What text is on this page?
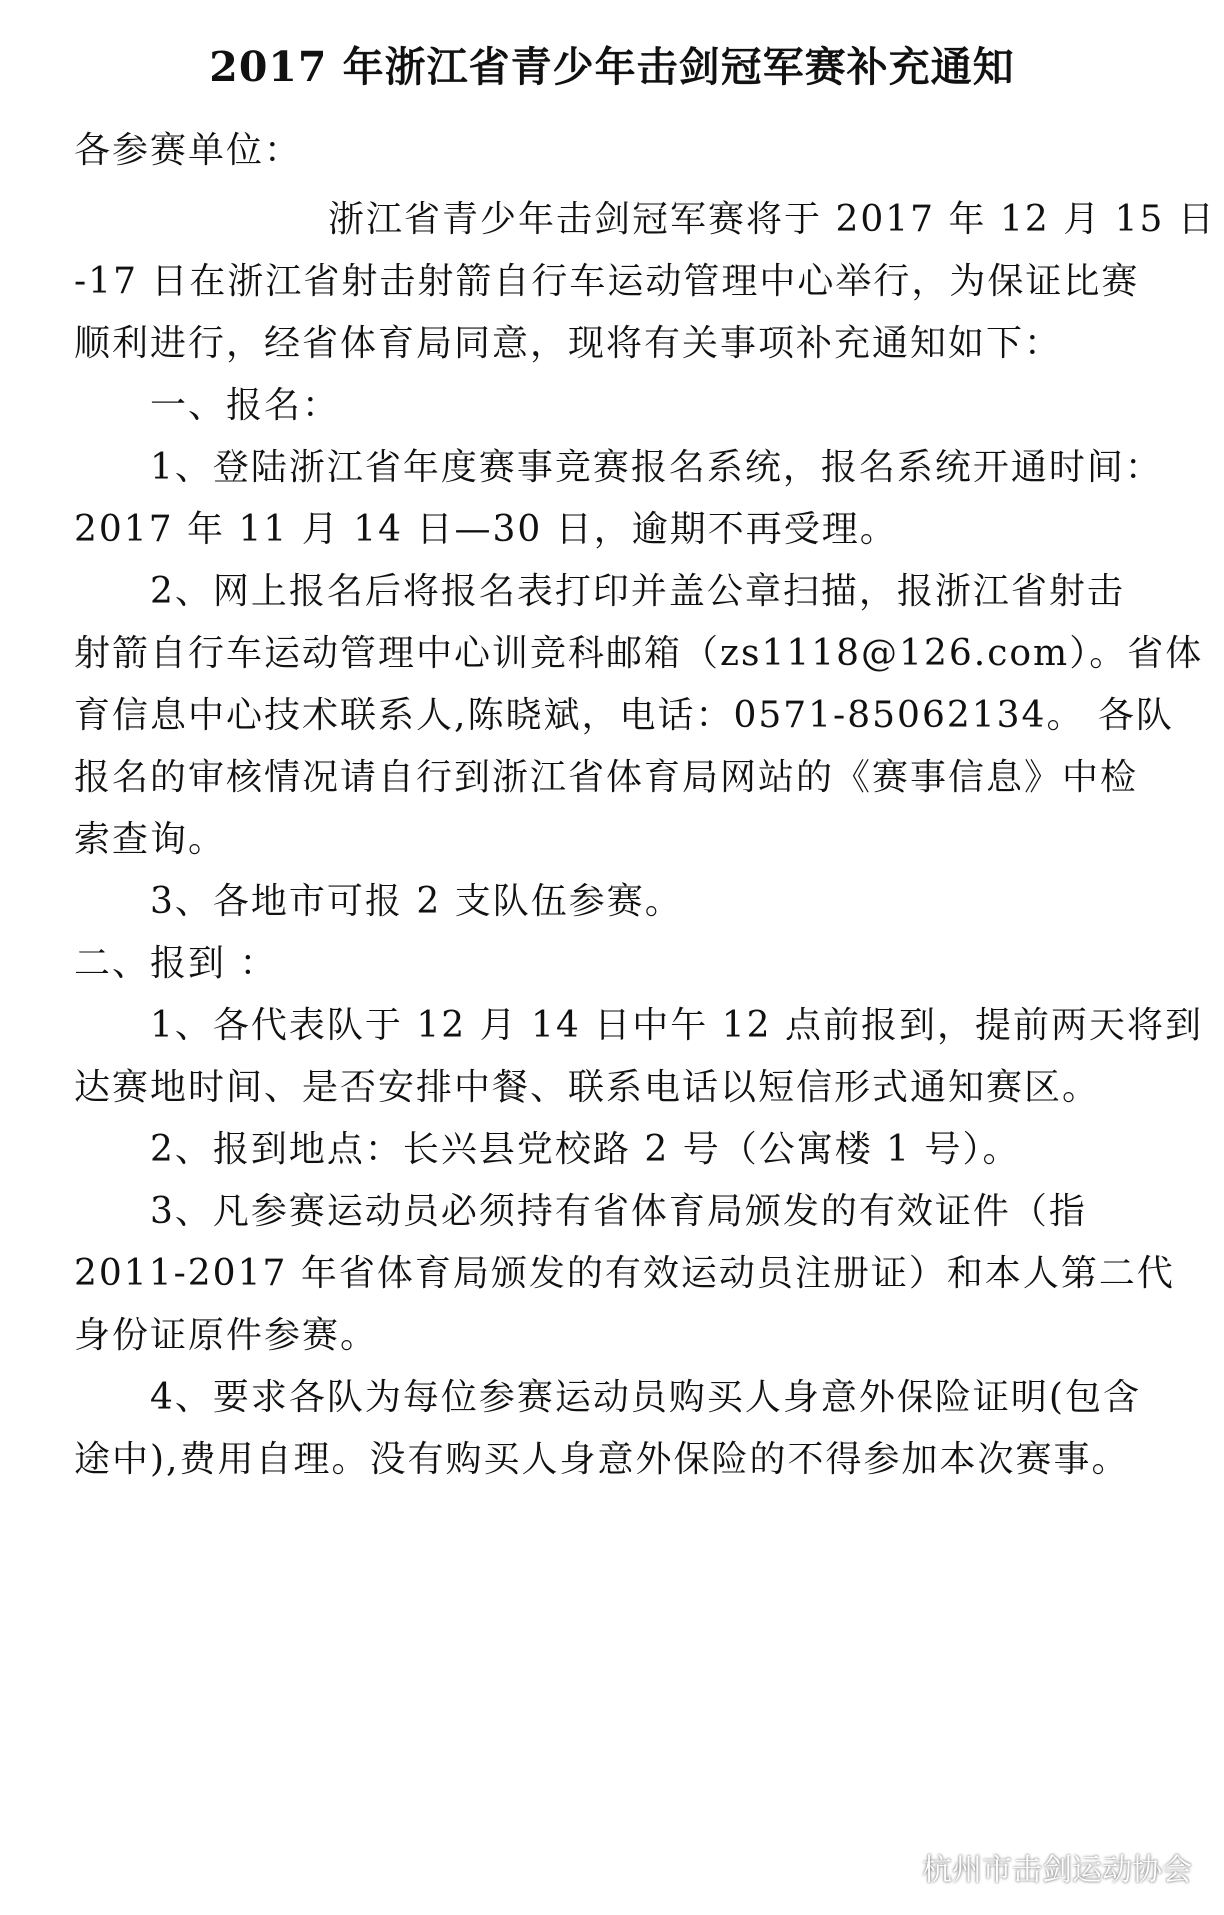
2017 年浙江省青少年击剑冠军赛补充通知
各参赛单位：
浙江省青少年击剑冠军赛将于 2017 年 12 月 15 日
-17 日在浙江省射击射箭自行车运动管理中心举行，为保证比赛
顺利进行，经省体育局同意，现将有关事项补充通知如下：
一、报名：
1、登陆浙江省年度赛事竞赛报名系统，报名系统开通时间：
2017 年 11 月 14 日—30 日，逾期不再受理。
2、网上报名后将报名表打印并盖公章扫描，报浙江省射击
射箭自行车运动管理中心训竞科邮箱（zs1118@126.com）。省体
育信息中心技术联系人,陈晓斌，电话：0571-85062134。 各队
报名的审核情况请自行到浙江省体育局网站的《赛事信息》中检
索查询。
3、各地市可报 2 支队伍参赛。
二、报到 ：
1、各代表队于 12 月 14 日中午 12 点前报到，提前两天将到
达赛地时间、是否安排中餐、联系电话以短信形式通知赛区。
2、报到地点：长兴县党校路 2 号（公寓楼 1 号）。
3、凡参赛运动员必须持有省体育局颁发的有效证件（指
2011-2017 年省体育局颁发的有效运动员注册证）和本人第二代
身份证原件参赛。
4、要求各队为每位参赛运动员购买人身意外保险证明(包含
途中),费用自理。没有购买人身意外保险的不得参加本次赛事。
杭州市击剑运动协会
